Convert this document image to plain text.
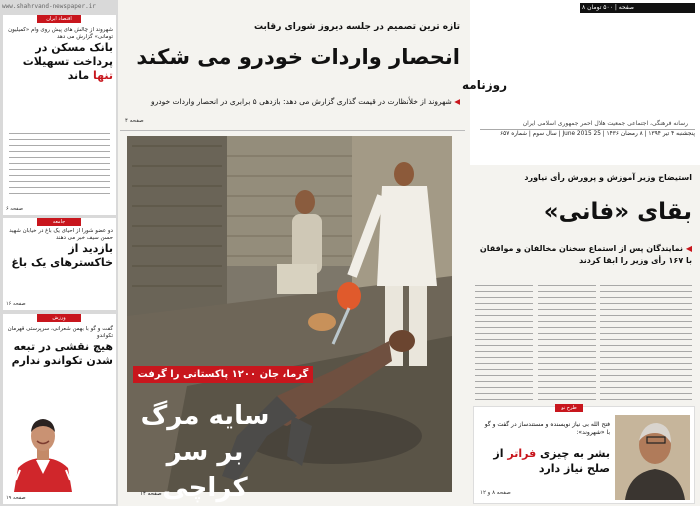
www.shahrvand-newspaper.ir
اقتصاد ایران
شهروند از چالش های پیش روی وام «کمیلیون تومانی» گزارش می دهد
بانک مسکن در پرداخت تسهیلات تنها ماند
صفحه ۶
جامعه
دو عضو شورا از احیای یک باغ در خیابان شهید حسن سیف خبر می دهند
بازدید از خاکسترهای یک باغ
صفحه ۱۶
ورزش
گفت و گو با بهمن شعرانی، سرپرستی قهرمان تکواندو
هیچ نقشی در تبعه شدن تکواندو ندارم
صفحه ۱۹
روزنامه
۸ صفحه | ۵۰۰ تومان
رسانه فرهنگی، اجتماعی جمعیت هلال احمر جمهوری اسلامی ایران
پنجشنبه ۴ تیر ۱۳۹۴ | ۸ رمضان ۱۴۳۶ | 25 June 2015 | سال سوم | شماره ۶۵۷
تازه ترین تصمیم در جلسه دیروز شورای رقابت
انحصار واردات خودرو می شکند
◀ شهروند از خلأنظارت در قیمت گذاری گزارش می دهد: بازدهی ۵ برابری در انحصار واردات خودرو
صفحه ۴
گرما، جان ۱۲۰۰ پاکستانی را گرفت
سایه مرگ
بر سر کراچی
صفحه ۱۴
استیضاح وزیر آموزش و پرورش رأی نیاورد
بقای «فانی»
◀ نمایندگان پس از استماع سخنان مخالفان و موافقان با ۱۶۷ رأی وزیر را ابقا کردند
طرح نو
فتح الله بی نیاز نویسنده و مستندساز در گفت و گو با «شهروند»:
بشر به چیزی فراتر از صلح نیاز دارد
صفحه ۸ و ۱۲
